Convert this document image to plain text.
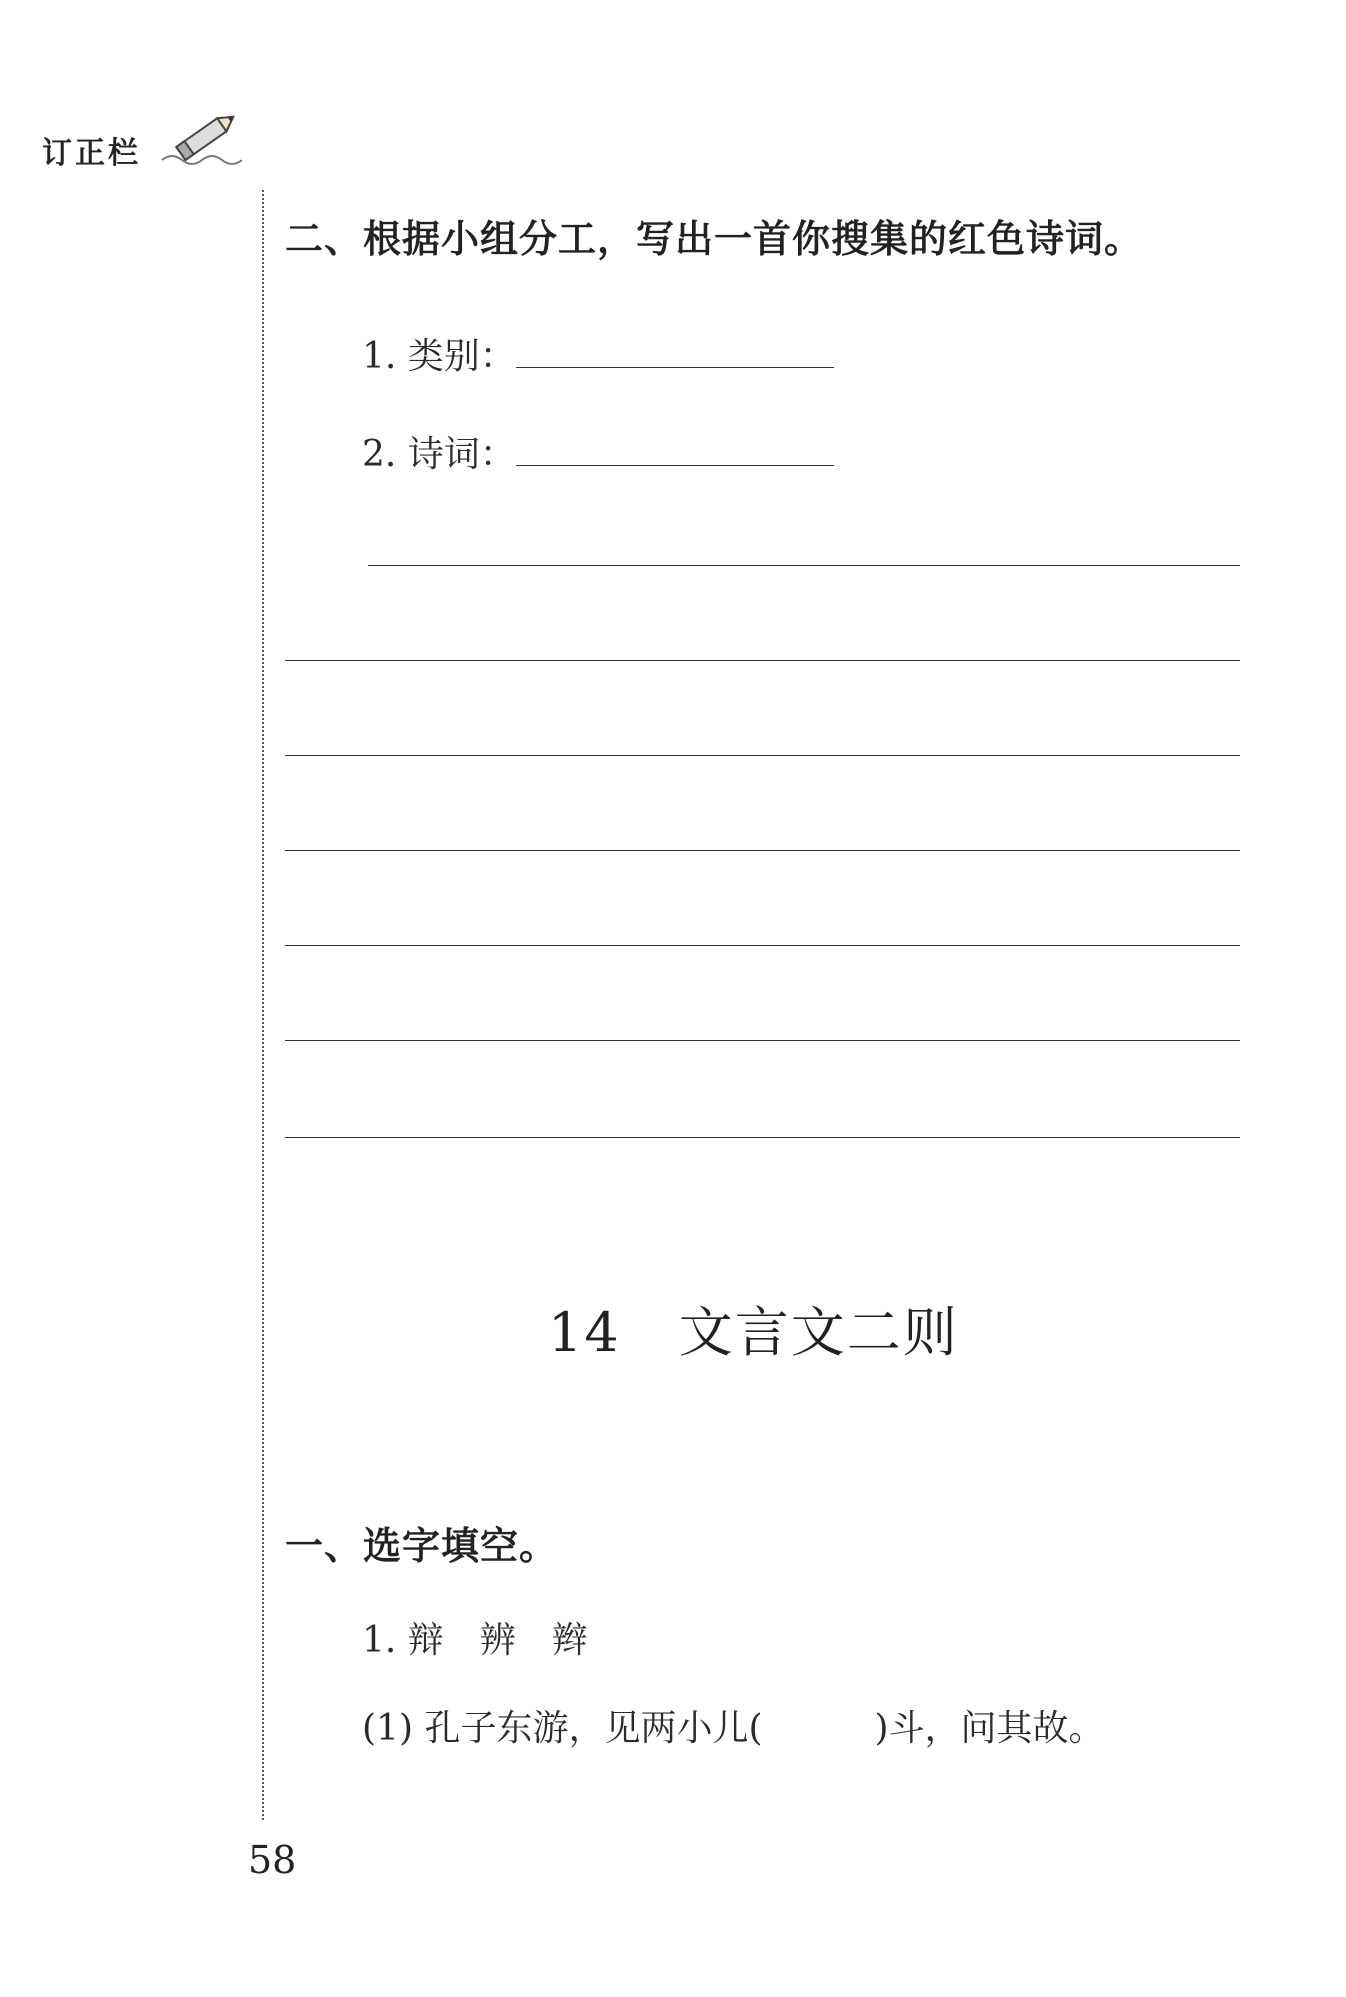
订正栏
二、根据小组分工，写出一首你搜集的红色诗词。
1. 类别：
2. 诗词：
14 文言文二则
一、选字填空。
1. 辩　辨　辫
(1) 孔子东游，见两小儿(	)斗，问其故。
58
